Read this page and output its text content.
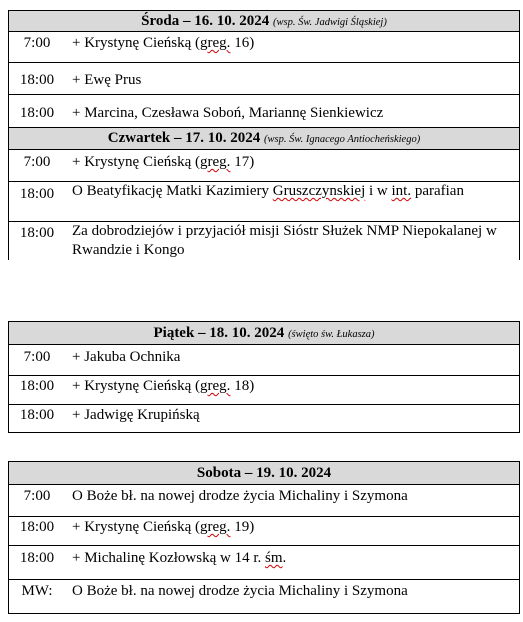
Środa – 16. 10. 2024 (wsp. Św. Jadwigi Śląskiej)
7:00	+ Krystynę Cieńską (greg. 16)
18:00	+ Ewę Prus
18:00	+ Marcina, Czesława Soboń, Mariannę Sienkiewicz
Czwartek – 17. 10. 2024 (wsp. Św. Ignacego Antiocheńskiego)
7:00	+ Krystynę Cieńską (greg. 17)
18:00	O Beatyfikację Matki Kazimiery Gruszczynskiej i w int. parafian
18:00	Za dobrodziejów i przyjaciół misji Sióstr Służek NMP Niepokalanej w Rwandzie i Kongo
Piątek – 18. 10. 2024 (święto św. Łukasza)
7:00	+ Jakuba Ochnika
18:00	+ Krystynę Cieńską (greg. 18)
18:00	+ Jadwigę Krupińską
Sobota – 19. 10. 2024
7:00	O Boże bł. na nowej drodze życia Michaliny i Szymona
18:00	+ Krystynę Cieńską (greg. 19)
18:00	+ Michalinę Kozłowską w 14 r. śm.
MW:	O Boże bł. na nowej drodze życia Michaliny i Szymona
